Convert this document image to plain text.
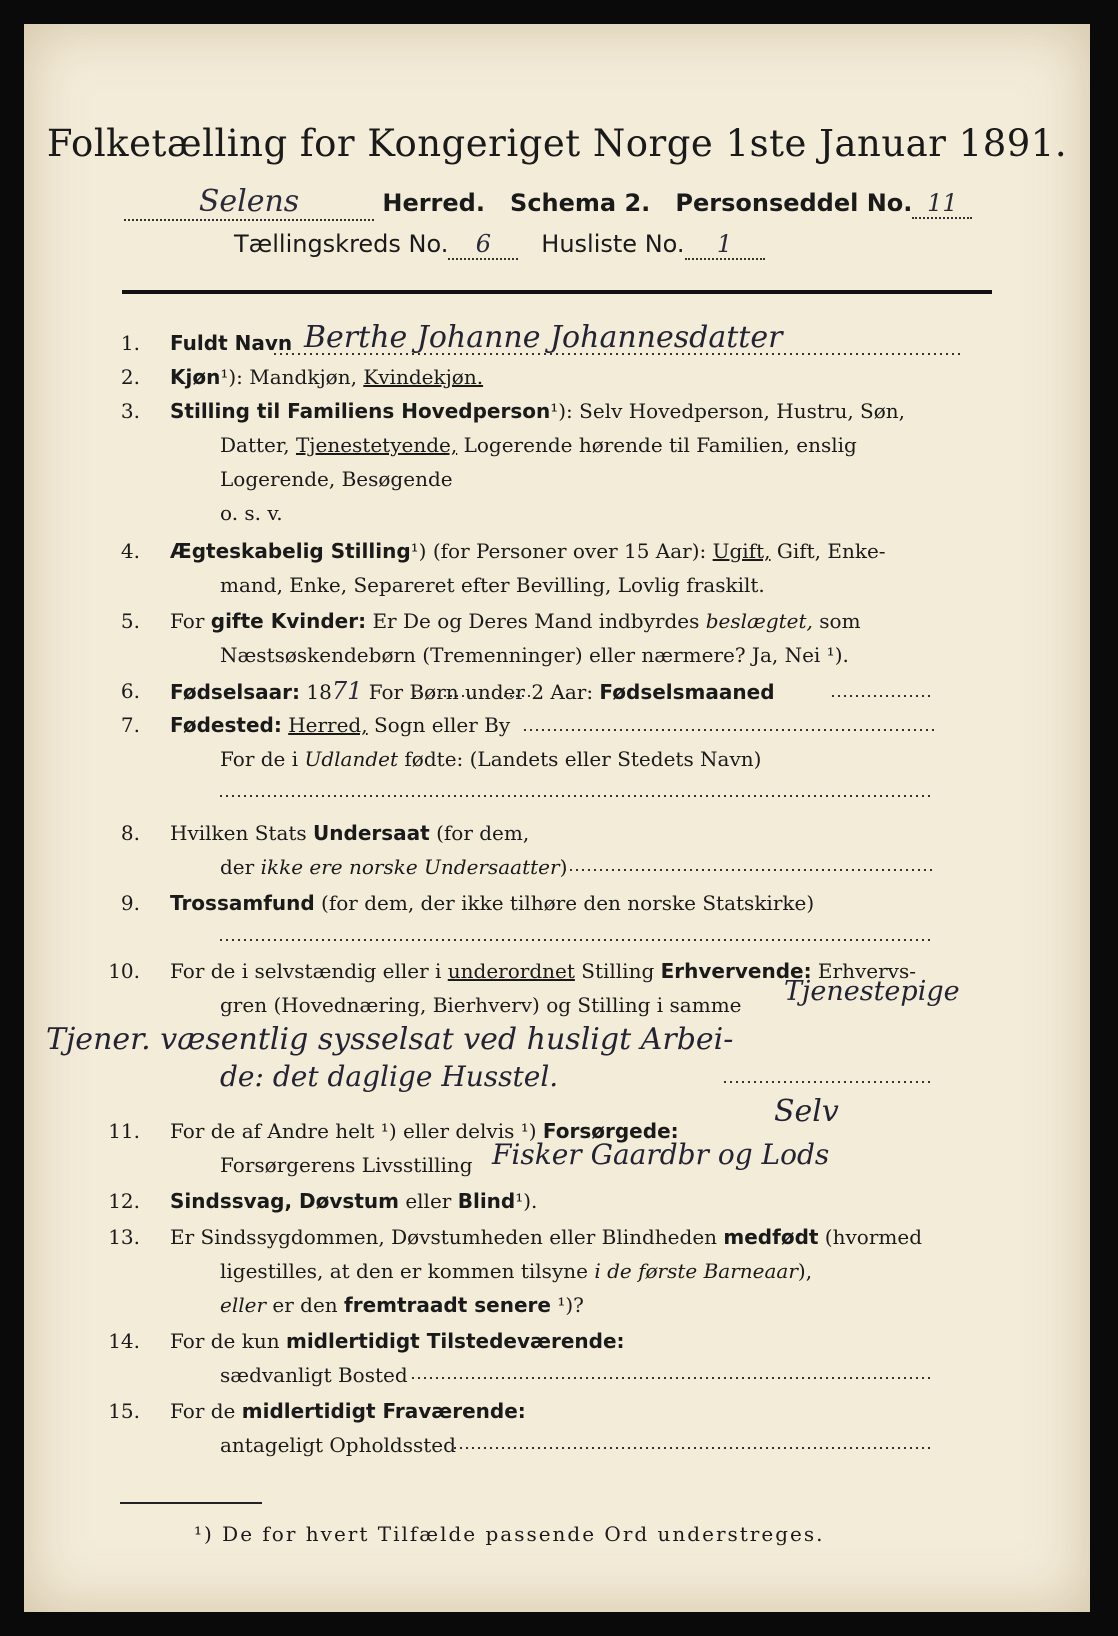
Folketælling for Kongeriget Norge 1ste Januar 1891.
Selens	Herred. Schema 2. Personseddel No. 11
Tællingskreds No. 6 Husliste No. 1
1. Fuldt Navn Berthe Johanne Johannesdatter
2. Kjøn¹): Mandkjøn, Kvindekjøn.
3. Stilling til Familiens Hovedperson¹): Selv Hovedperson, Hustru, Søn,
Datter, Tjenestetyende, Logerende hørende til Familien, enslig
Logerende, Besøgende
o. s. v.
4. Ægteskabelig Stilling¹) (for Personer over 15 Aar): Ugift, Gift, Enke-
mand, Enke, Separeret efter Bevilling, Lovlig fraskilt.
5. For gifte Kvinder: Er De og Deres Mand indbyrdes beslægtet, som
Næstsøskendebørn (Tremenninger) eller nærmere? Ja, Nei ¹).
6. Fødselsaar: 1871 For Børn under 2 Aar: Fødselsmaaned
7. Fødested: Herred, Sogn eller By
For de i Udlandet fødte: (Landets eller Stedets Navn)
8. Hvilken Stats Undersaat (for dem,
der ikke ere norske Undersaatter)
9. Trossamfund (for dem, der ikke tilhøre den norske Statskirke)
10. For de i selvstændig eller i underordnet Stilling Erhvervende: Erhvervs-
gren (Hovednæring, Bierhverv) og Stilling i samme Tjenestepige
Tjener. væsentlig sysselsat ved husligt Arbei-
de: det daglige Husstel.
11. For de af Andre helt ¹) eller delvis ¹) Forsørgede:
Selv
Forsørgerens Livsstilling Fisker Gaardbr og Lods
12. Sindssvag, Døvstum eller Blind¹).
13. Er Sindssygdommen, Døvstumheden eller Blindheden medfødt (hvormed
ligestilles, at den er kommen tilsyne i de første Barneaar),
eller er den fremtraadt senere ¹)?
14. For de kun midlertidigt Tilstedeværende:
sædvanligt Bosted
15. For de midlertidigt Fraværende:
antageligt Opholdssted
¹) De for hvert Tilfælde passende Ord understreges.
